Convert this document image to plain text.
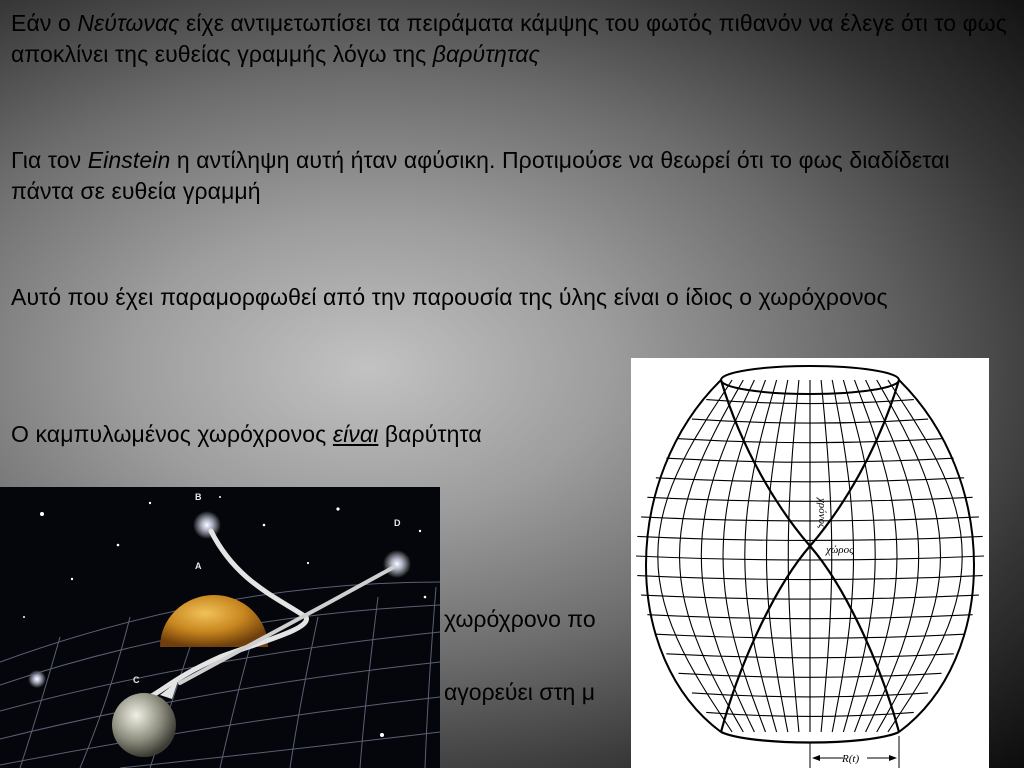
Εάν ο Νεύτωνας είχε αντιμετωπίσει τα πειράματα κάμψης του φωτός πιθανόν να έλεγε ότι το φως αποκλίνει της ευθείας γραμμής λόγω της βαρύτητας

Για τον Einstein η αντίληψη αυτή ήταν αφύσικη. Προτιμούσε να θεωρεί ότι το φως διαδίδεται πάντα σε ευθεία γραμμή

Αυτό που έχει παραμορφωθεί από την παρουσία της ύλης είναι ο ίδιος ο χωρόχρονος

Ο καμπυλωμένος χωρόχρονος είναι βαρύτητα

χωρόχρονο πο

αγορεύει στη μ

B
A
C
D
R(t)
χώρος
χρόνος
